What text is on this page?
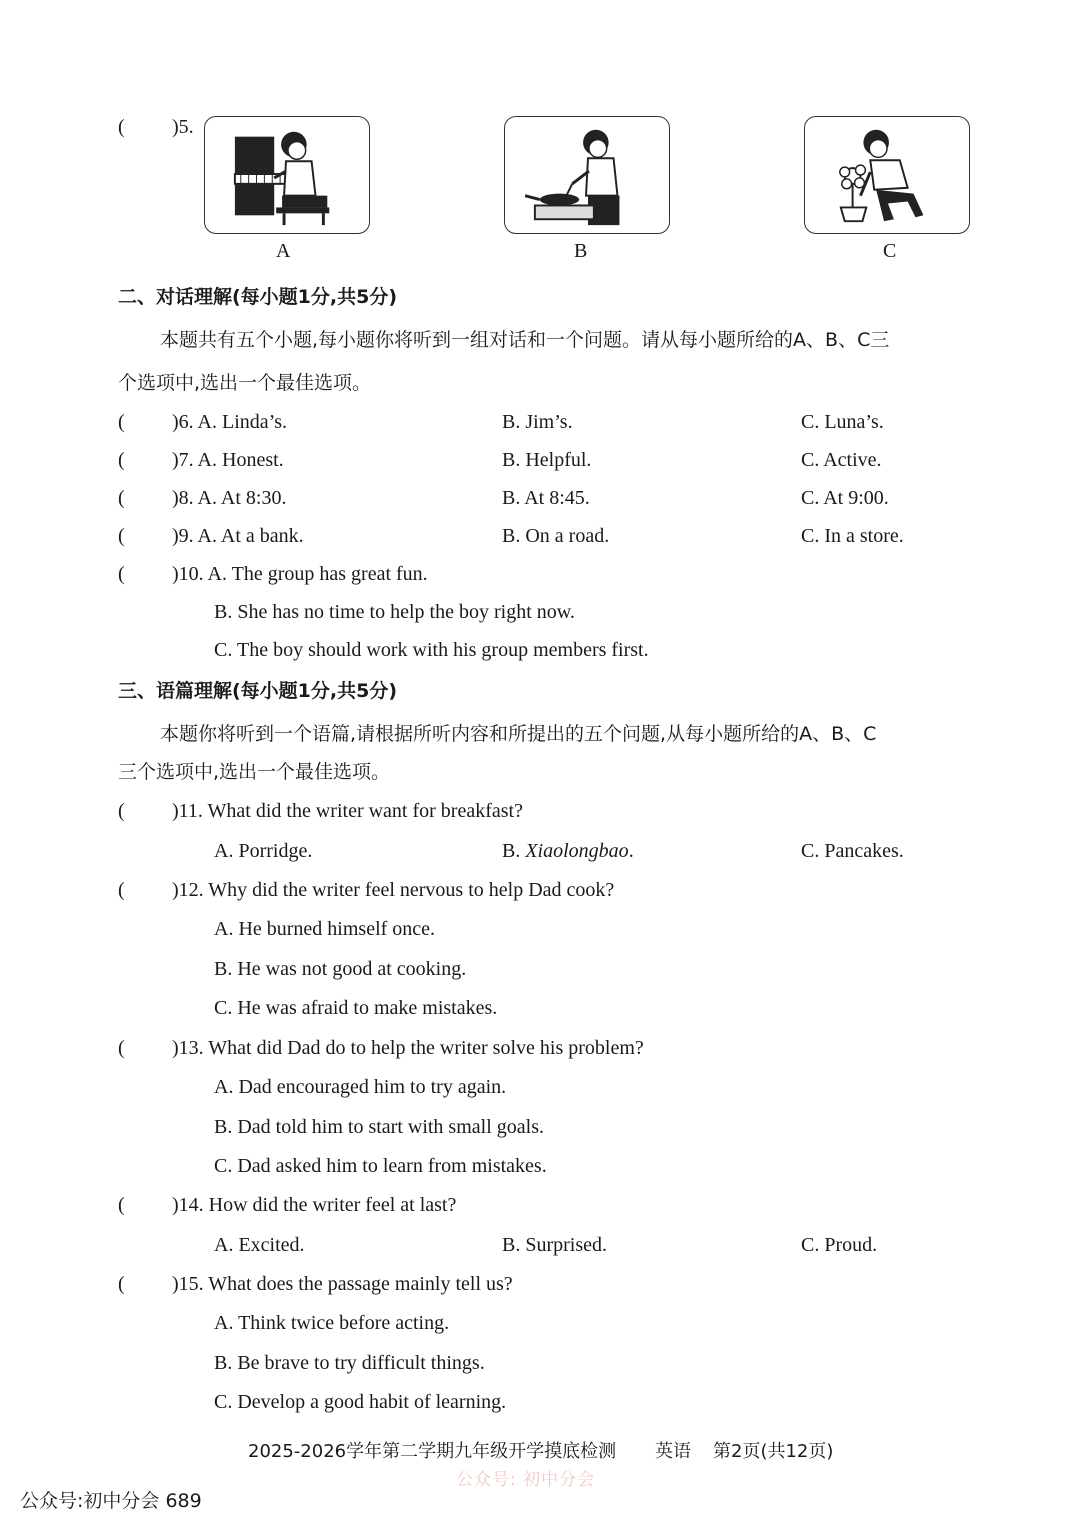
( )5.
A	B	C
二、对话理解(每小题1分,共5分)
本题共有五个小题,每小题你将听到一组对话和一个问题。请从每小题所给的A、B、C三
个选项中,选出一个最佳选项。
( )6. A. Linda’s.	B. Jim’s.	C. Luna’s.
( )7. A. Honest.	B. Helpful.	C. Active.
( )8. A. At 8:30.	B. At 8:45.	C. At 9:00.
( )9. A. At a bank.	B. On a road.	C. In a store.
( )10. A. The group has great fun.
B. She has no time to help the boy right now.
C. The boy should work with his group members first.
三、语篇理解(每小题1分,共5分)
本题你将听到一个语篇,请根据所听内容和所提出的五个问题,从每小题所给的A、B、C
三个选项中,选出一个最佳选项。
( )11. What did the writer want for breakfast?
A. Porridge.	B. Xiaolongbao.	C. Pancakes.
( )12. Why did the writer feel nervous to help Dad cook?
A. He burned himself once.
B. He was not good at cooking.
C. He was afraid to make mistakes.
( )13. What did Dad do to help the writer solve his problem?
A. Dad encouraged him to try again.
B. Dad told him to start with small goals.
C. Dad asked him to learn from mistakes.
( )14. How did the writer feel at last?
A. Excited.	B. Surprised.	C. Proud.
( )15. What does the passage mainly tell us?
A. Think twice before acting.
B. Be brave to try difficult things.
C. Develop a good habit of learning.
2025-2026学年第二学期九年级开学摸底检测 英语 第2页(共12页)
公众号: 初中分会
公众号:初中分会 689
